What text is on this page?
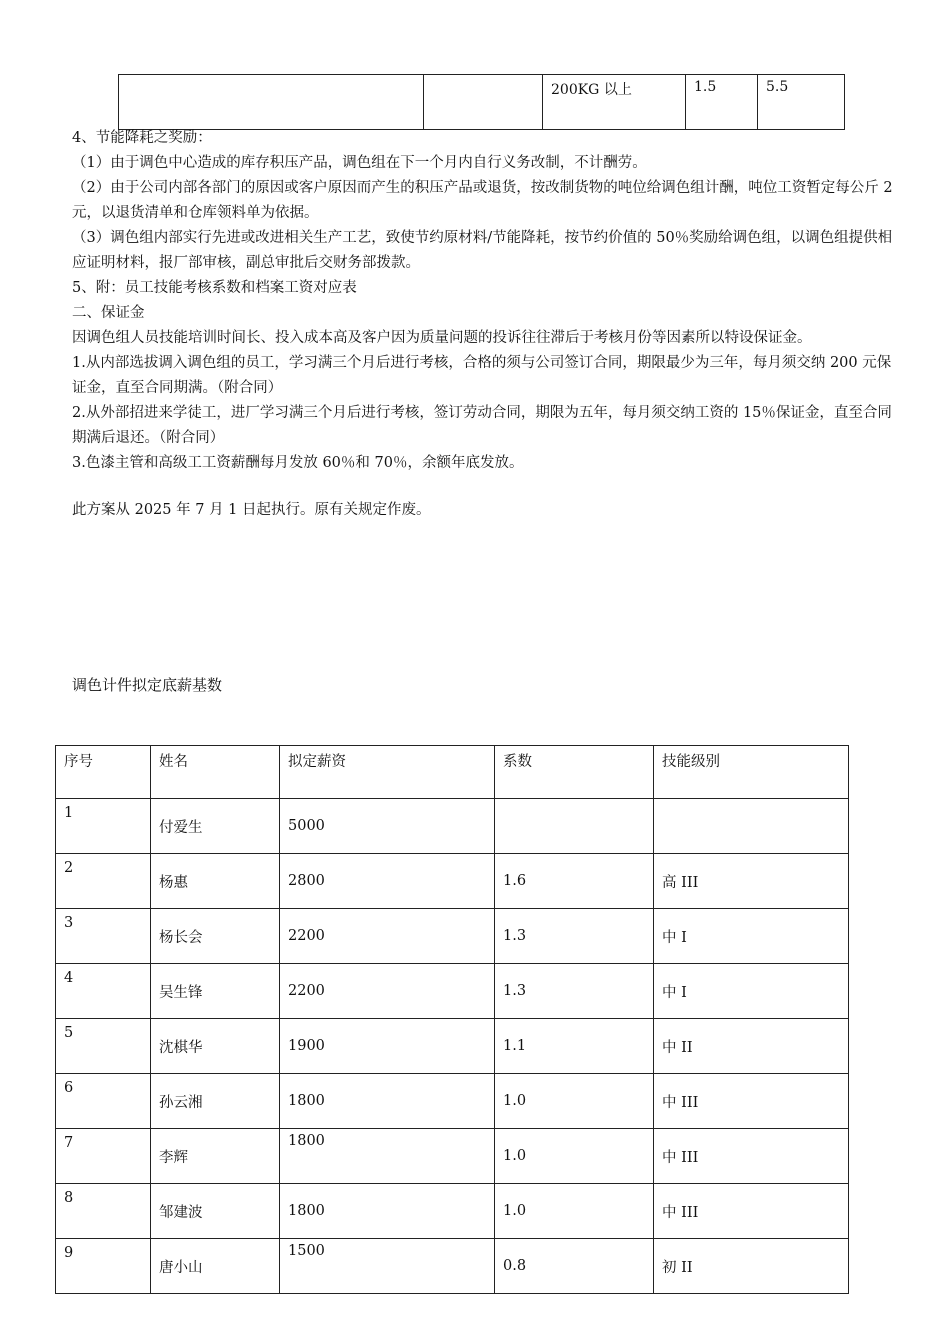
		200KG 以上	1.5	5.5

4、节能降耗之奖励：

（1）由于调色中心造成的库存积压产品，调色组在下一个月内自行义务改制，不计酬劳。

（2）由于公司内部各部门的原因或客户原因而产生的积压产品或退货，按改制货物的吨位给调色组计酬，吨位工资暂定每公斤 2 元，以退货清单和仓库领料单为依据。

（3）调色组内部实行先进或改进相关生产工艺，致使节约原材料/节能降耗，按节约价值的 50％奖励给调色组，以调色组提供相应证明材料，报厂部审核，副总审批后交财务部拨款。

5、附：员工技能考核系数和档案工资对应表

二、保证金

因调色组人员技能培训时间长、投入成本高及客户因为质量问题的投诉往往滞后于考核月份等因素所以特设保证金。

1.从内部选拔调入调色组的员工，学习满三个月后进行考核，合格的须与公司签订合同，期限最少为三年，每月须交纳 200 元保证金，直至合同期满。（附合同）

2.从外部招进来学徒工，进厂学习满三个月后进行考核，签订劳动合同，期限为五年，每月须交纳工资的 15％保证金，直至合同期满后退还。（附合同）

3.色漆主管和高级工工资薪酬每月发放 60％和 70％，余额年底发放。

此方案从 2025 年 7 月 1 日起执行。原有关规定作废。

调色计件拟定底薪基数
序号	姓名	拟定薪资	系数	技能级别
1	付爱生	5000		
2	杨惠	2800	1.6	高 III
3	杨长会	2200	1.3	中 I
4	吴生锋	2200	1.3	中 I
5	沈棋华	1900	1.1	中 II
6	孙云湘	1800	1.0	中 III
7	李辉	1800	1.0	中 III
8	邹建波	1800	1.0	中 III
9	唐小山	1500	0.8	初 II
